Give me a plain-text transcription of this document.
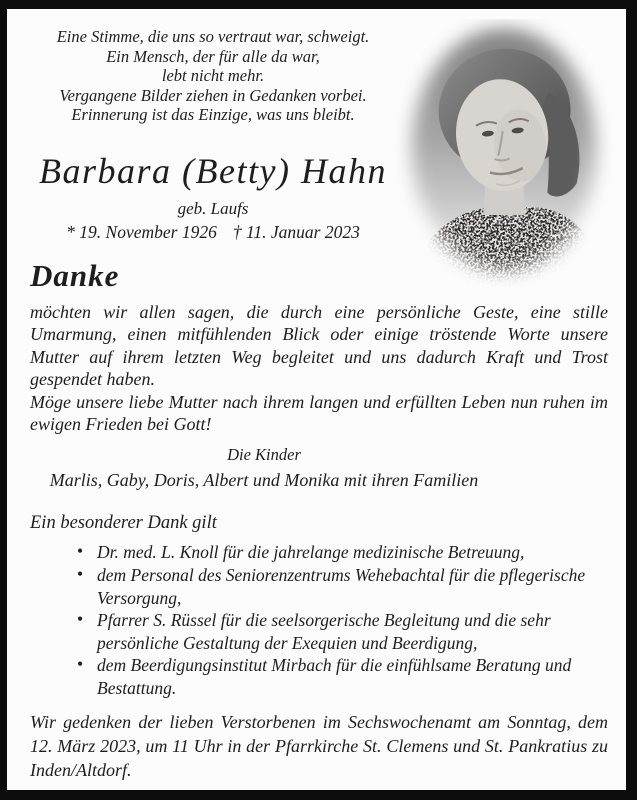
Eine Stimme, die uns so vertraut war, schweigt.
Ein Mensch, der für alle da war,
lebt nicht mehr.
Vergangene Bilder ziehen in Gedanken vorbei.
Erinnerung ist das Einzige, was uns bleibt.
Barbara (Betty) Hahn
geb. Laufs
* 19. November 1926 † 11. Januar 2023
Danke

möchten wir allen sagen, die durch eine persönliche Geste, eine stille Umarmung, einen mitfühlenden Blick oder einige tröstende Worte unsere Mutter auf ihrem letzten Weg begleitet und uns dadurch Kraft und Trost gespendet haben.

Möge unsere liebe Mutter nach ihrem langen und erfüllten Leben nun ruhen im ewigen Frieden bei Gott!

Die Kinder
Marlis, Gaby, Doris, Albert und Monika mit ihren Familien

Ein besonderer Dank gilt

• Dr. med. L. Knoll für die jahrelange medizinische Betreuung,
• dem Personal des Seniorenzentrums Wehebachtal für die pflegerische Versorgung,
• Pfarrer S. Rüssel für die seelsorgerische Begleitung und die sehr persönliche Gestaltung der Exequien und Beerdigung,
• dem Beerdigungsinstitut Mirbach für die einfühlsame Beratung und Bestattung.

Wir gedenken der lieben Verstorbenen im Sechswochenamt am Sonntag, dem 12. März 2023, um 11 Uhr in der Pfarrkirche St. Clemens und St. Pankratius zu Inden/Altdorf.
